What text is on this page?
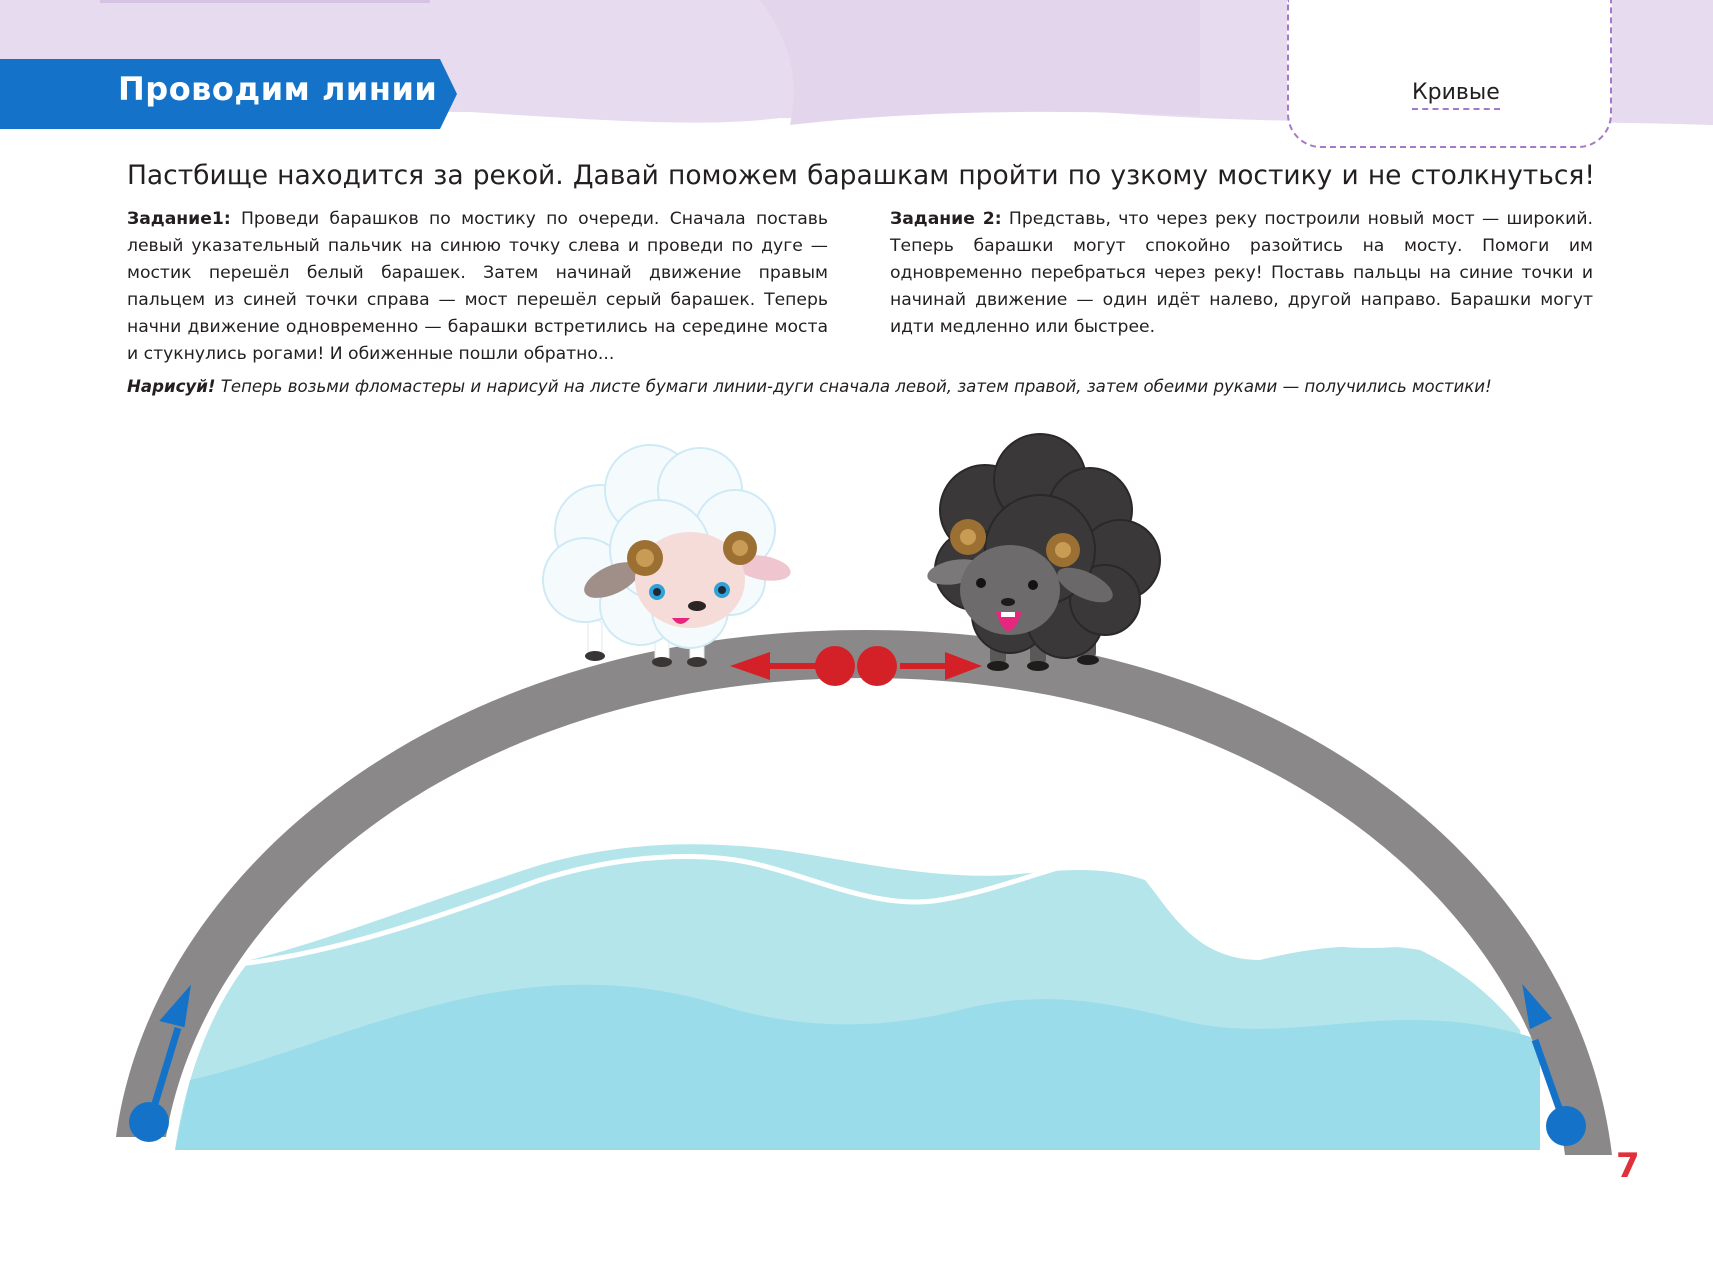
Проводим линии	Кривые
Пастбище находится за рекой. Давай поможем барашкам пройти по узкому мостику и не столкнуться!
Задание1: Проведи барашков по мостику по очереди. Сначала поставь левый указательный пальчик на синюю точку слева и проведи по дуге — мостик перешёл белый барашек. Затем начинай движение правым пальцем из синей точки справа — мост перешёл серый барашек. Теперь начни движение одновременно — барашки встретились на середине моста и стукнулись рогами! И обиженные пошли обратно...
Задание 2: Представь, что через реку построили новый мост — широкий. Теперь барашки могут спокойно разойтись на мосту. Помоги им одновременно перебраться через реку! Поставь пальцы на синие точки и начинай движение — один идёт налево, другой направо. Барашки могут идти медленно или быстрее.
Нарисуй! Теперь возьми фломастеры и нарисуй на листе бумаги линии-дуги сначала левой, затем правой, затем обеими руками — получились мостики!
7
